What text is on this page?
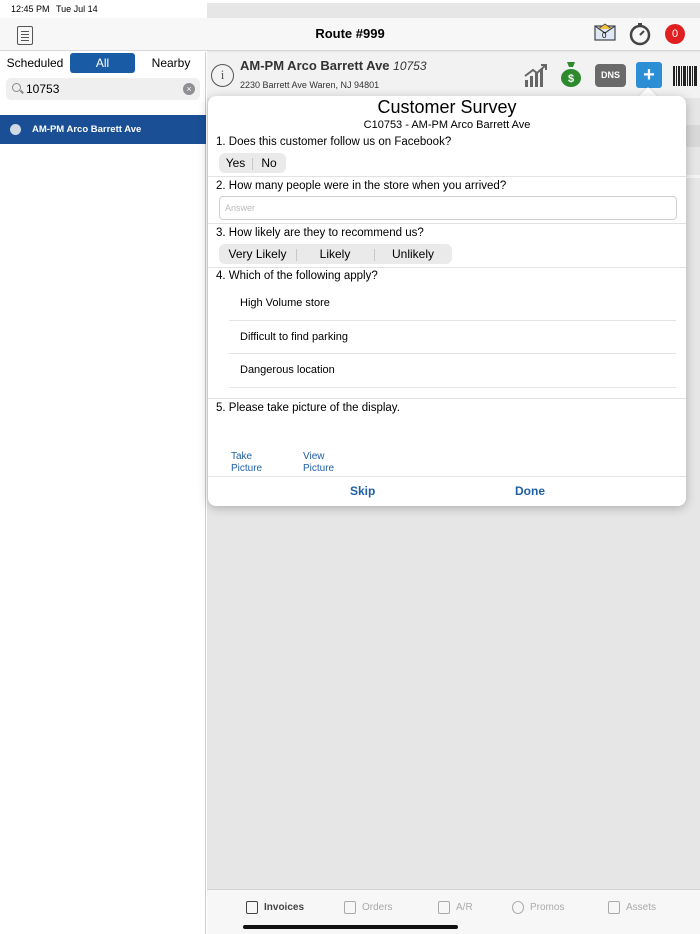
12:45 PM Tue Jul 14
Route #999	0	0
Scheduled	All	Nearby
10753
×
AM-PM Arco Barrett Ave
i
AM-PM Arco Barrett Ave 10753
2230 Barrett Ave Waren, NJ 94801	$	DNS	+
Invoices	Orders	A/R	Promos	Assets
Customer Survey
C10753 - AM-PM Arco Barrett Ave
1. Does this customer follow us on Facebook?
Yes	No
2. How many people were in the store when you arrived?
Answer
3. How likely are they to recommend us?
Very Likely	Likely	Unlikely
4. Which of the following apply?
High Volume store
Difficult to find parking
Dangerous location
5. Please take picture of the display.
Take
Picture
View
Picture
Skip	Done
